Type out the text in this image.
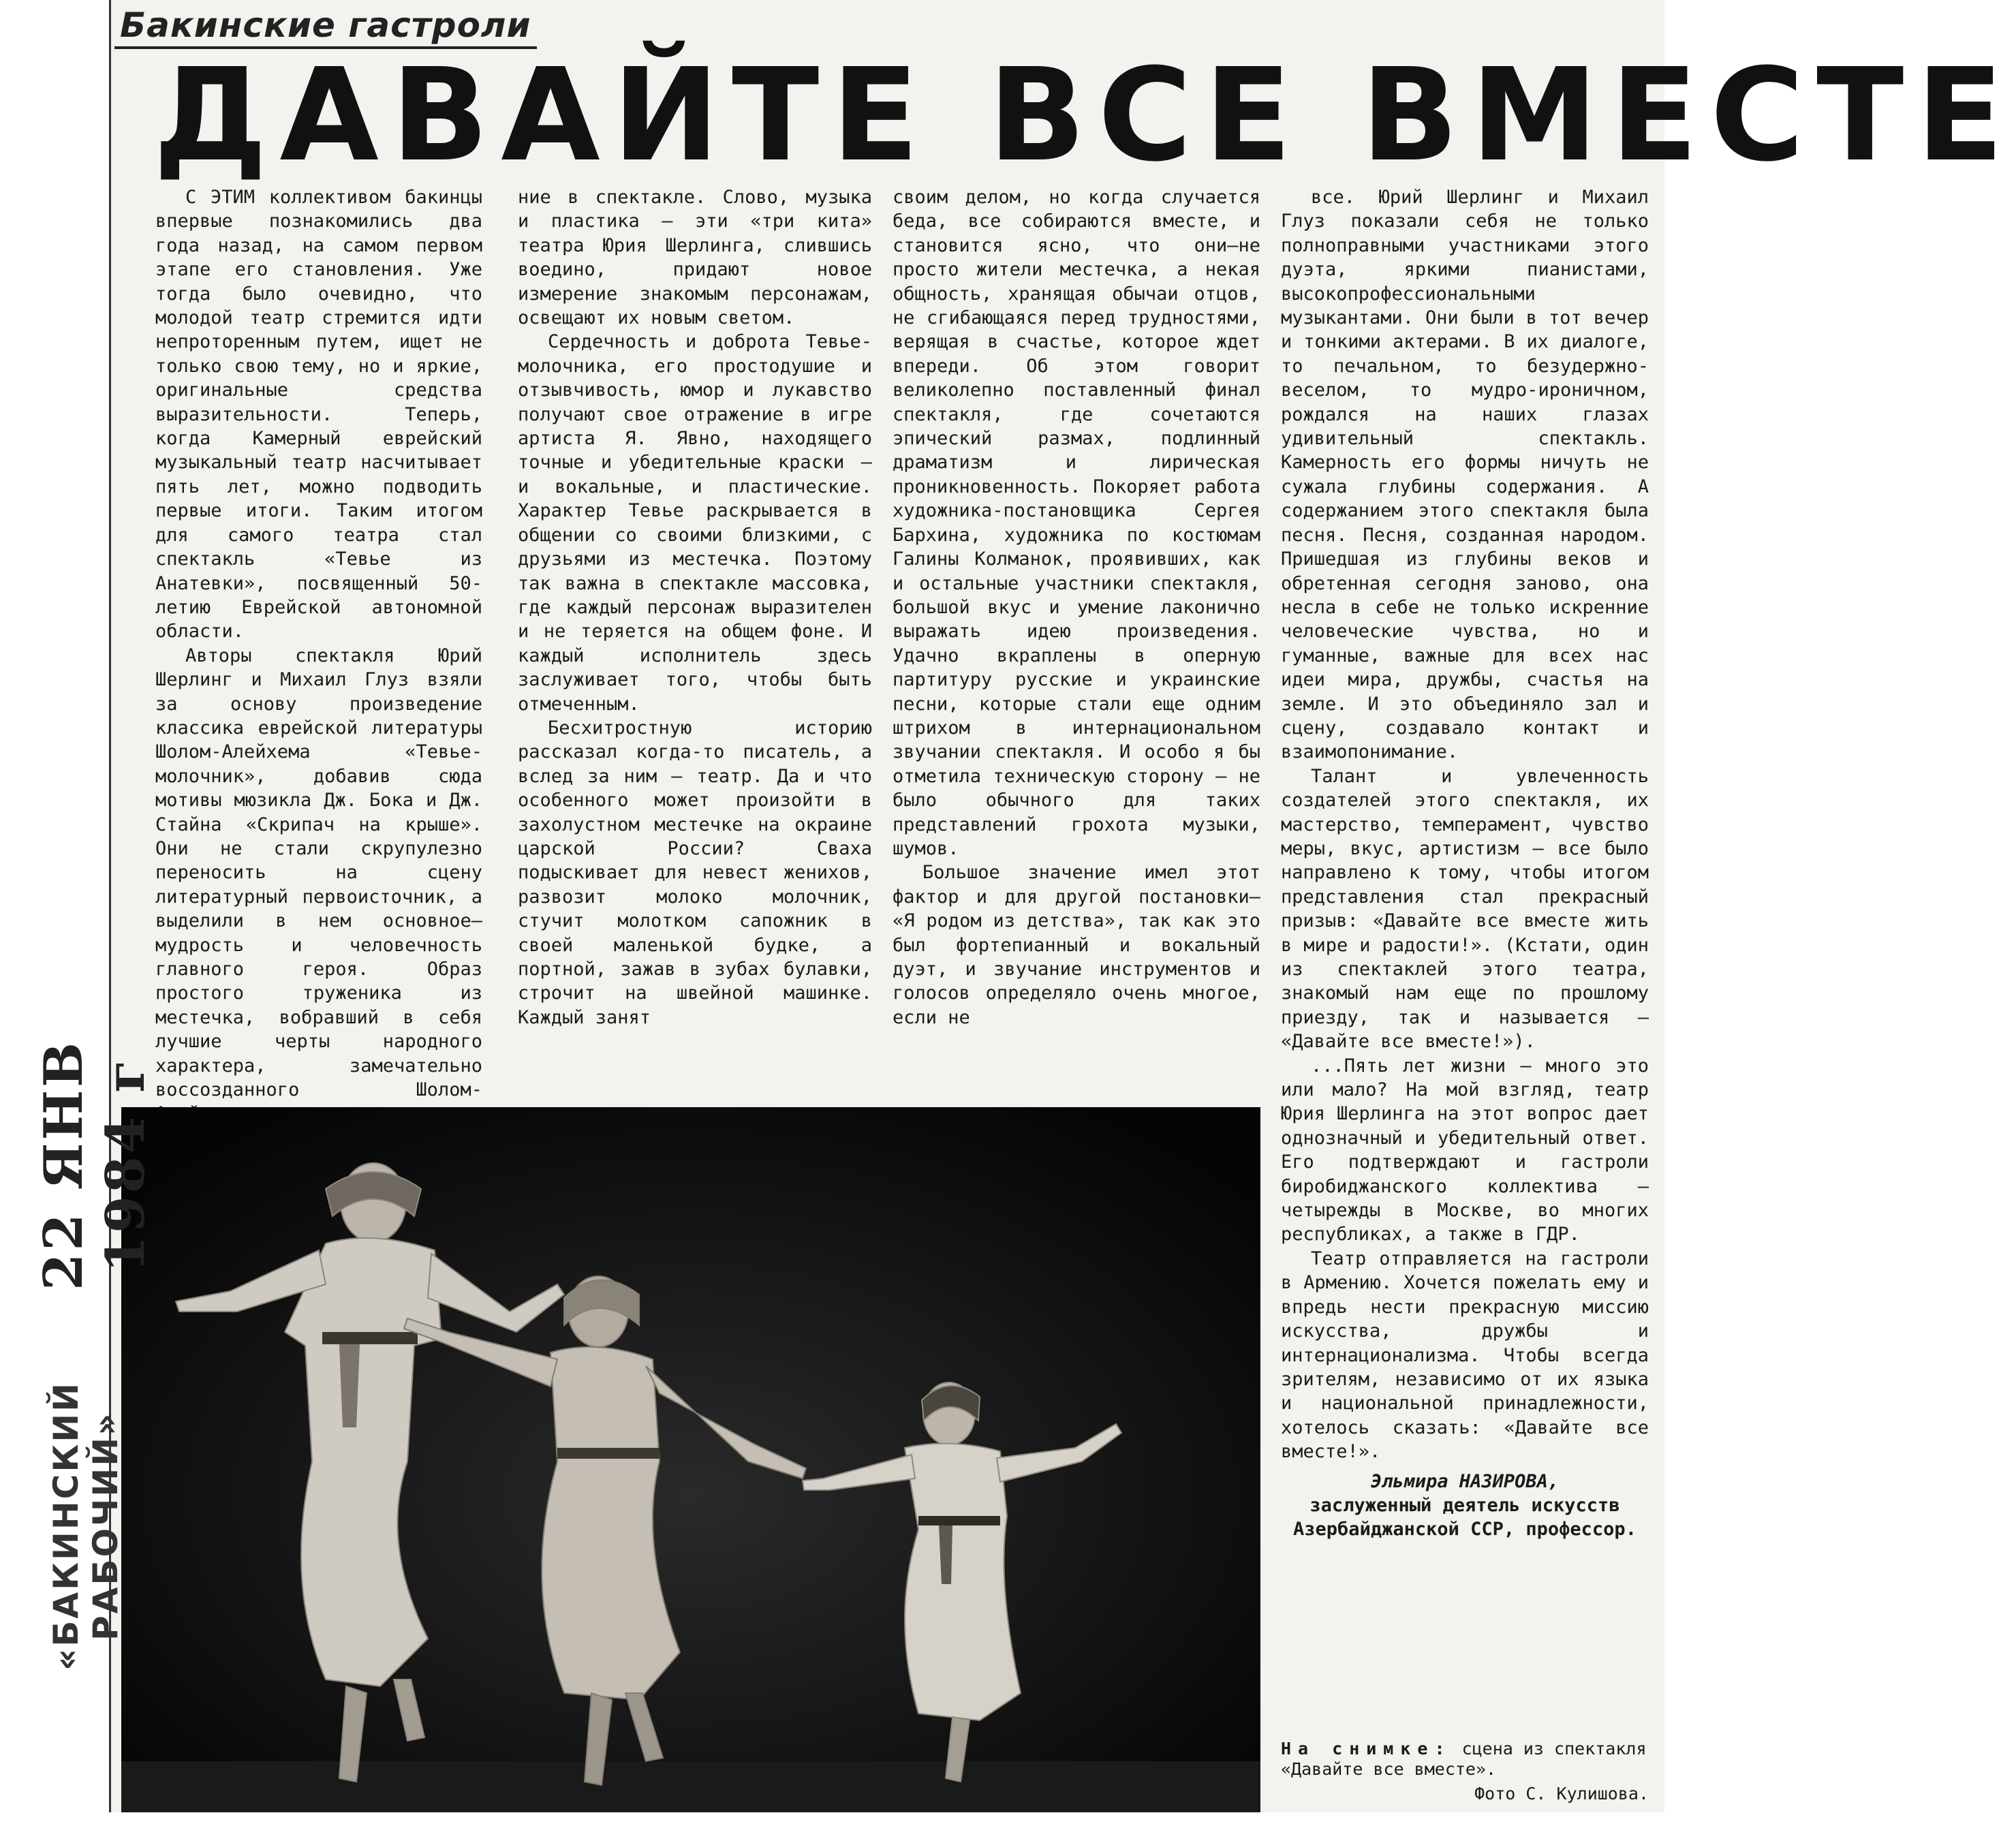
Бакинские гастроли
ДАВАЙТЕ ВСЕ ВМЕСТЕ

С ЭТИМ коллективом бакинцы впервые познакомились два года назад, на самом первом этапе его становления. Уже тогда было очевидно, что молодой театр стремится идти непроторенным путем, ищет не только свою тему, но и яркие, оригинальные средства выразительности. Теперь, когда Камерный еврейский музыкальный театр насчитывает пять лет, можно подводить первые итоги. Таким итогом для самого театра стал спектакль «Тевье из Анатевки», посвященный 50-летию Еврейской автономной области.

Авторы спектакля Юрий Шерлинг и Михаил Глуз взяли за основу произведение классика еврейской литературы Шолом-Алейхема «Тевье-молочник», добавив сюда мотивы мюзикла Дж. Бока и Дж. Стайна «Скрипач на крыше». Они не стали скрупулезно переносить на сцену литературный первоисточник, а выделили в нем основное—мудрость и человечность главного героя. Образ простого труженика из местечка, вобравший в себя лучшие черты народного характера, замечательно воссозданного Шолом-

ние в спектакле. Слово, музыка и пластика — эти «три кита» театра Юрия Шерлинга, слившись воедино, придают новое измерение знакомым персонажам, освещают их новым светом.

Сердечность и доброта Тевье-молочника, его простодушие и отзывчивость, юмор и лукавство получают свое отражение в игре артиста Я. Явно, находящего точные и убедительные краски — и вокальные, и пластические. Характер Тевье раскрывается в общении со своими близкими, с друзьями из местечка. Поэтому так важна в спектакле массовка, где каждый персонаж выразителен и не теряется на общем фоне. И каждый исполнитель здесь заслуживает того, чтобы быть отмеченным.

Бесхитростную историю рассказал когда-то писатель, а вслед за ним — театр. Да и что особенного может произойти в захолустном местечке на окраине царской России? Сваха подыскивает для невест женихов, развозит молоко молочник, стучит молотком сапожник в своей маленькой будке, а портной, зажав в зубах булавки, строчит на швейной машинке. Каждый занят

своим делом, но когда случается беда, все собираются вместе, и становится ясно, что они—не просто жители местечка, а некая общность, хранящая обычаи отцов, не сгибающаяся перед трудностями, верящая в счастье, которое ждет впереди. Об этом говорит великолепно поставленный финал спектакля, где сочетаются эпический размах, подлинный драматизм и лирическая проникновенность. Покоряет работа художника-постановщика Сергея Бархина, художника по костюмам Галины Колманок, проявивших, как и остальные участники спектакля, большой вкус и умение лаконично выражать идею произведения. Удачно вкраплены в оперную партитуру русские и украинские песни, которые стали еще одним штрихом в интернациональном звучании спектакля. И особо я бы отметила техническую сторону — не было обычного для таких представлений грохота музыки, шумов.

Большое значение имел этот фактор и для другой постановки— «Я родом из детства», так как это был фортепианный и вокальный дуэт, и звучание инструментов и голосов определяло очень многое, если не

все. Юрий Шерлинг и Михаил Глуз показали себя не только полноправными участниками этого дуэта, яркими пианистами, высокопрофессиональными музыкантами. Они были в тот вечер и тонкими актерами. В их диалоге, то печальном, то безудержно-веселом, то мудро-ироничном, рождался на наших глазах удивительный спектакль. Камерность его формы ничуть не сужала глубины содержания. А содержанием этого спектакля была песня. Песня, созданная народом. Пришедшая из глубины веков и обретенная сегодня заново, она несла в себе не только искренние человеческие чувства, но и гуманные, важные для всех нас идеи мира, дружбы, счастья на земле. И это объединяло зал и сцену, создавало контакт и взаимопонимание.

Талант и увлеченность создателей этого спектакля, их мастерство, темперамент, чувство меры, вкус, артистизм — все было направлено к тому, чтобы итогом представления стал прекрасный призыв: «Давайте все вместе жить в мире и радости!». (Кстати, один из спектаклей этого театра, знакомый нам еще по прошлому приезду, так и называется — «Давайте все вместе!»).

...Пять лет жизни — много это или мало? На мой взгляд, театр Юрия Шерлинга на этот вопрос дает однозначный и убедительный ответ. Его подтверждают и гастроли биробиджанского коллектива — четырежды в Москве, во многих республиках, а также в ГДР.

Театр отправляется на гастроли в Армению. Хочется пожелать ему и впредь нести прекрасную миссию искусства, дружбы и интернационализма. Чтобы всегда зрителям, независимо от их языка и национальной принадлежности, хотелось сказать: «Давайте все вместе!».

Эльмира НАЗИРОВА,
заслуженный деятель искусств Азербайджанской ССР, профессор.
На снимке: сцена из спектакля «Давайте все вместе».
Фото С. Кулишова.
22 ЯНВ 1984 г
«БАКИНСКИЙ РАБОЧИЙ»
